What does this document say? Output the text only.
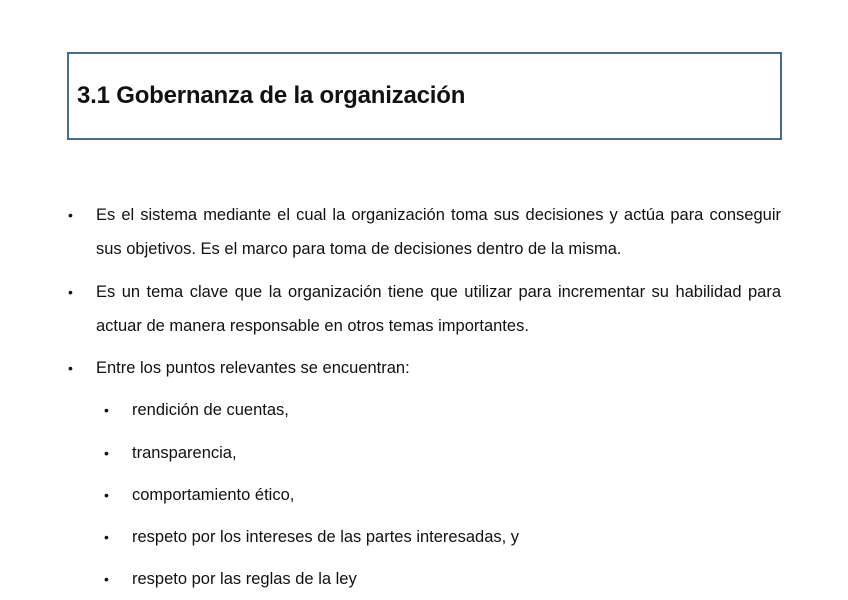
3.1 Gobernanza de la organización
• Es el sistema mediante el cual la organización toma sus decisiones y actúa para conseguir sus objetivos. Es el marco para toma de decisiones dentro de la misma.
• Es un tema clave que la organización tiene que utilizar para incrementar su habilidad para actuar de manera responsable en otros temas importantes.
• Entre los puntos relevantes se encuentran:
• rendición de cuentas,
• transparencia,
• comportamiento ético,
• respeto por los intereses de las partes interesadas, y
• respeto por las reglas de la ley
